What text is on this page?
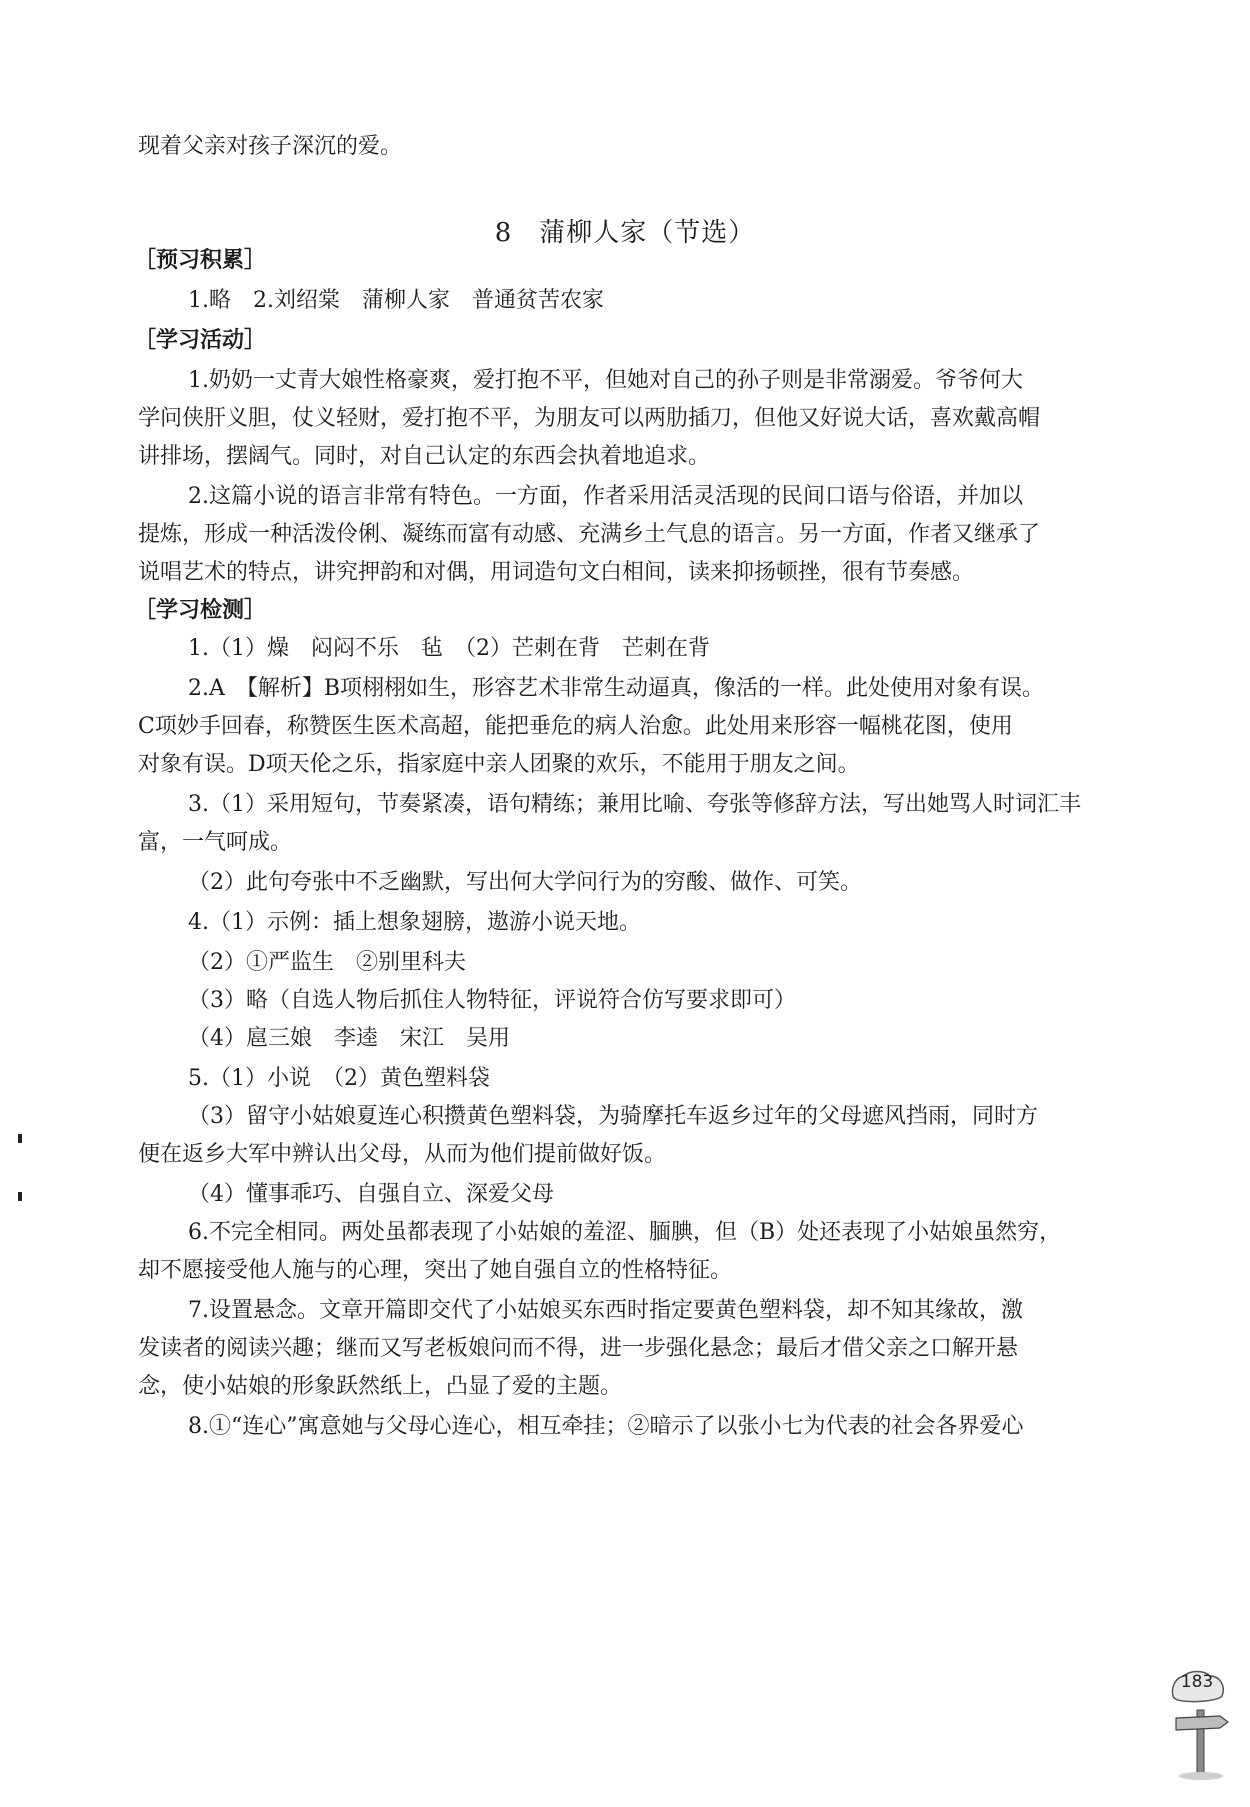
现着父亲对孩子深沉的爱。
8　蒲柳人家（节选）
［预习积累］
1.略　2.刘绍棠　蒲柳人家　普通贫苦农家
［学习活动］
1.奶奶一丈青大娘性格豪爽，爱打抱不平，但她对自己的孙子则是非常溺爱。爷爷何大
学问侠肝义胆，仗义轻财，爱打抱不平，为朋友可以两肋插刀，但他又好说大话，喜欢戴高帽
讲排场，摆阔气。同时，对自己认定的东西会执着地追求。
2.这篇小说的语言非常有特色。一方面，作者采用活灵活现的民间口语与俗语，并加以
提炼，形成一种活泼伶俐、凝练而富有动感、充满乡土气息的语言。另一方面，作者又继承了
说唱艺术的特点，讲究押韵和对偶，用词造句文白相间，读来抑扬顿挫，很有节奏感。
［学习检测］
1.（1）燥　闷闷不乐　毡　（2）芒刺在背　芒刺在背
2.A　【解析】B项栩栩如生，形容艺术非常生动逼真，像活的一样。此处使用对象有误。
C项妙手回春，称赞医生医术高超，能把垂危的病人治愈。此处用来形容一幅桃花图，使用
对象有误。D项天伦之乐，指家庭中亲人团聚的欢乐，不能用于朋友之间。
3.（1）采用短句，节奏紧凑，语句精练；兼用比喻、夸张等修辞方法，写出她骂人时词汇丰
富，一气呵成。
（2）此句夸张中不乏幽默，写出何大学问行为的穷酸、做作、可笑。
4.（1）示例：插上想象翅膀，遨游小说天地。
（2）①严监生　②别里科夫
（3）略（自选人物后抓住人物特征，评说符合仿写要求即可）
（4）扈三娘　李逵　宋江　吴用
5.（1）小说　（2）黄色塑料袋
（3）留守小姑娘夏连心积攒黄色塑料袋，为骑摩托车返乡过年的父母遮风挡雨，同时方
便在返乡大军中辨认出父母，从而为他们提前做好饭。
（4）懂事乖巧、自强自立、深爱父母
6.不完全相同。两处虽都表现了小姑娘的羞涩、腼腆，但（B）处还表现了小姑娘虽然穷，
却不愿接受他人施与的心理，突出了她自强自立的性格特征。
7.设置悬念。文章开篇即交代了小姑娘买东西时指定要黄色塑料袋，却不知其缘故，激
发读者的阅读兴趣；继而又写老板娘问而不得，进一步强化悬念；最后才借父亲之口解开悬
念，使小姑娘的形象跃然纸上，凸显了爱的主题。
8.①“连心”寓意她与父母心连心，相互牵挂；②暗示了以张小七为代表的社会各界爱心
183
